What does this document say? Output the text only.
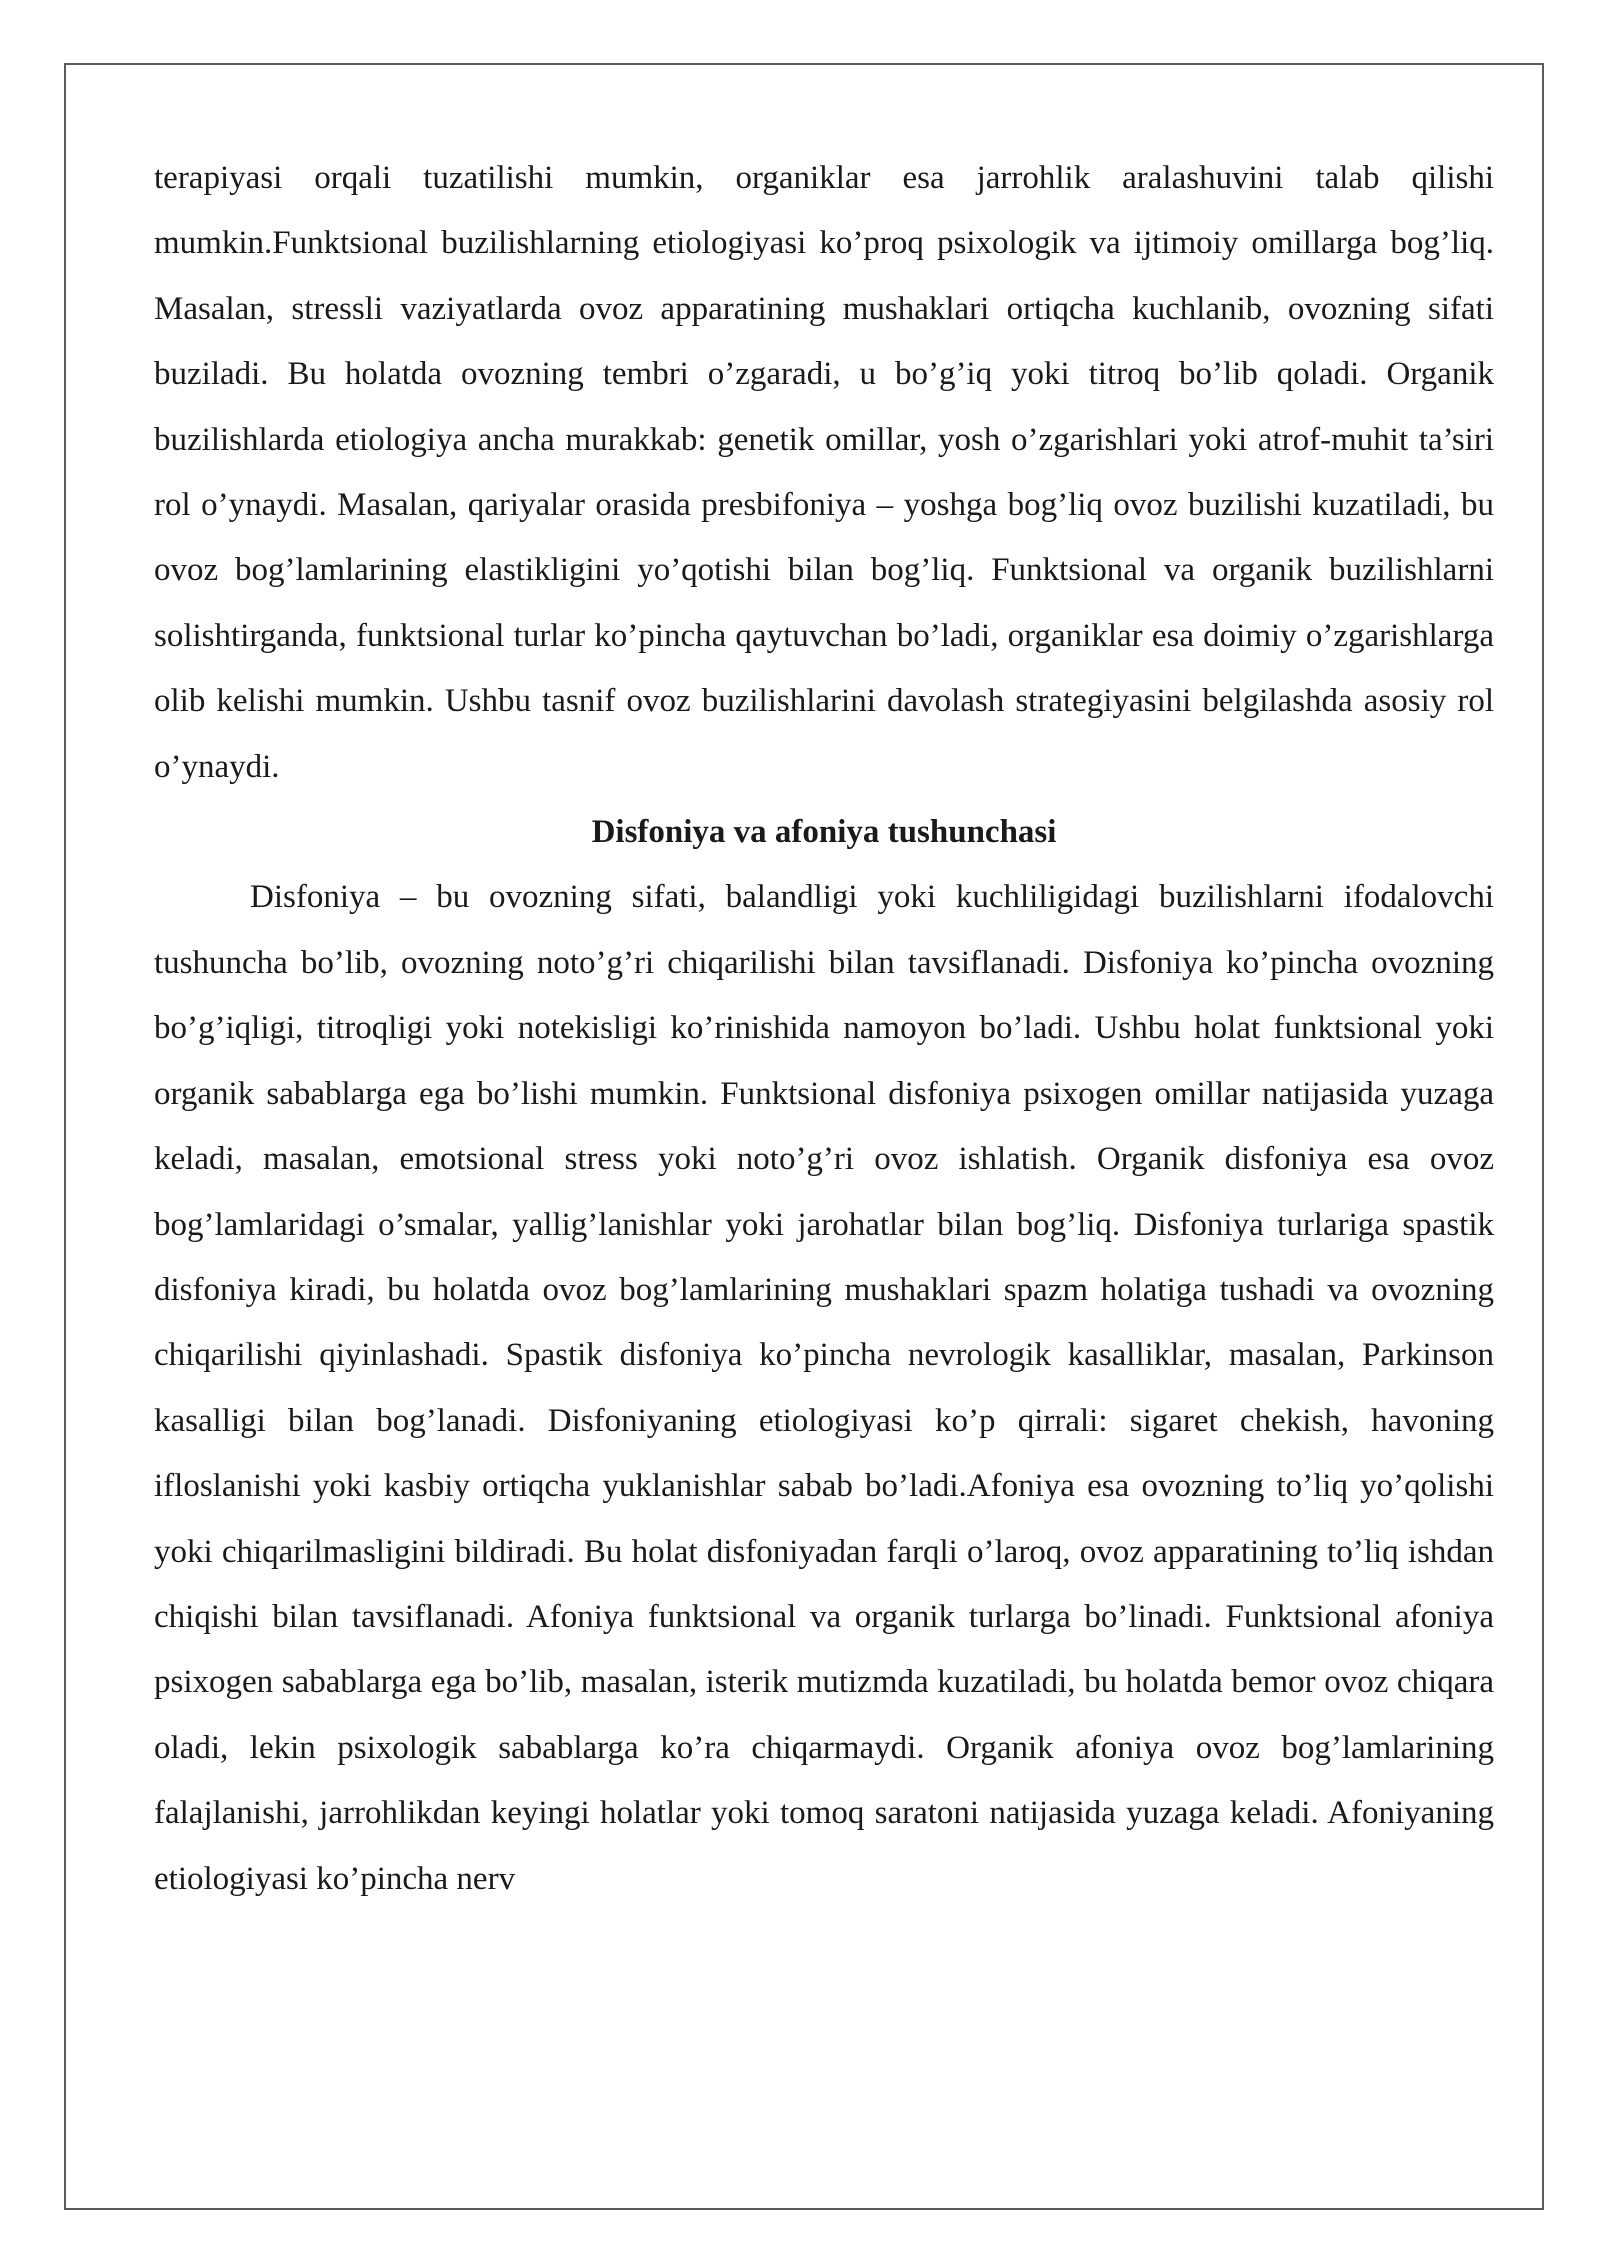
terapiyasi orqali tuzatilishi mumkin, organiklar esa jarrohlik aralashuvini talab qilishi mumkin.Funktsional buzilishlarning etiologiyasi ko’proq psixologik va ijtimoiy omillarga bog’liq. Masalan, stressli vaziyatlarda ovoz apparatining mushaklari ortiqcha kuchlanib, ovozning sifati buziladi. Bu holatda ovozning tembri o’zgaradi, u bo’g’iq yoki titroq bo’lib qoladi. Organik buzilishlarda etiologiya ancha murakkab: genetik omillar, yosh o’zgarishlari yoki atrof-muhit ta’siri rol o’ynaydi. Masalan, qariyalar orasida presbifoniya – yoshga bog’liq ovoz buzilishi kuzatiladi, bu ovoz bog’lamlarining elastikligini yo’qotishi bilan bog’liq. Funktsional va organik buzilishlarni solishtirganda, funktsional turlar ko’pincha qaytuvchan bo’ladi, organiklar esa doimiy o’zgarishlarga olib kelishi mumkin. Ushbu tasnif ovoz buzilishlarini davolash strategiyasini belgilashda asosiy rol o’ynaydi.

Disfoniya va afoniya tushunchasi

Disfoniya – bu ovozning sifati, balandligi yoki kuchliligidagi buzilishlarni ifodalovchi tushuncha bo’lib, ovozning noto’g’ri chiqarilishi bilan tavsiflanadi. Disfoniya ko’pincha ovozning bo’g’iqligi, titroqligi yoki notekisligi ko’rinishida namoyon bo’ladi. Ushbu holat funktsional yoki organik sabablarga ega bo’lishi mumkin. Funktsional disfoniya psixogen omillar natijasida yuzaga keladi, masalan, emotsional stress yoki noto’g’ri ovoz ishlatish. Organik disfoniya esa ovoz bog’lamlaridagi o’smalar, yallig’lanishlar yoki jarohatlar bilan bog’liq. Disfoniya turlariga spastik disfoniya kiradi, bu holatda ovoz bog’lamlarining mushaklari spazm holatiga tushadi va ovozning chiqarilishi qiyinlashadi. Spastik disfoniya ko’pincha nevrologik kasalliklar, masalan, Parkinson kasalligi bilan bog’lanadi. Disfoniyaning etiologiyasi ko’p qirrali: sigaret chekish, havoning ifloslanishi yoki kasbiy ortiqcha yuklanishlar sabab bo’ladi.Afoniya esa ovozning to’liq yo’qolishi yoki chiqarilmasligini bildiradi. Bu holat disfoniyadan farqli o’laroq, ovoz apparatining to’liq ishdan chiqishi bilan tavsiflanadi. Afoniya funktsional va organik turlarga bo’linadi. Funktsional afoniya psixogen sabablarga ega bo’lib, masalan, isterik mutizmda kuzatiladi, bu holatda bemor ovoz chiqara oladi, lekin psixologik sabablarga ko’ra chiqarmaydi. Organik afoniya ovoz bog’lamlarining falajlanishi, jarrohlikdan keyingi holatlar yoki tomoq saratoni natijasida yuzaga keladi. Afoniyaning etiologiyasi ko’pincha nerv
